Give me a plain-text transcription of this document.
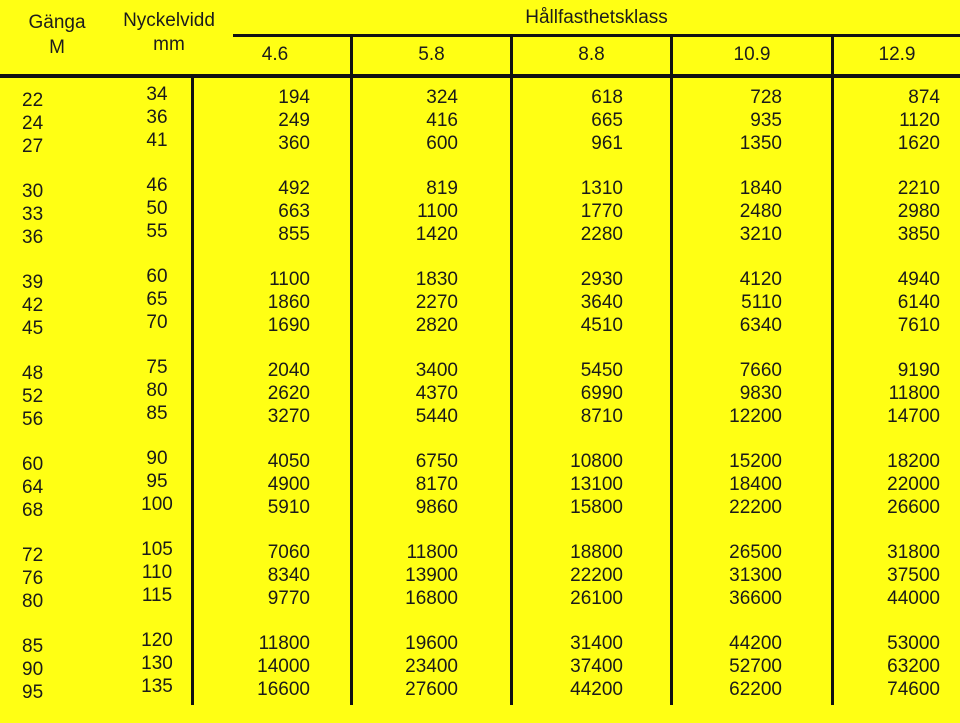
Gänga
M
Nyckelvidd
mm
Hållfasthetsklass
4.6	5.8	8.8	10.9	12.9
22	34	194	324	618	728	874
24	36	249	416	665	935	1120
27	41	360	600	961	1350	1620
30	46	492	819	1310	1840	2210
33	50	663	1100	1770	2480	2980
36	55	855	1420	2280	3210	3850
39	60	1100	1830	2930	4120	4940
42	65	1860	2270	3640	5110	6140
45	70	1690	2820	4510	6340	7610
48	75	2040	3400	5450	7660	9190
52	80	2620	4370	6990	9830	11800
56	85	3270	5440	8710	12200	14700
60	90	4050	6750	10800	15200	18200
64	95	4900	8170	13100	18400	22000
68	100	5910	9860	15800	22200	26600
72	105	7060	11800	18800	26500	31800
76	110	8340	13900	22200	31300	37500
80	115	9770	16800	26100	36600	44000
85	120	11800	19600	31400	44200	53000
90	130	14000	23400	37400	52700	63200
95	135	16600	27600	44200	62200	74600
